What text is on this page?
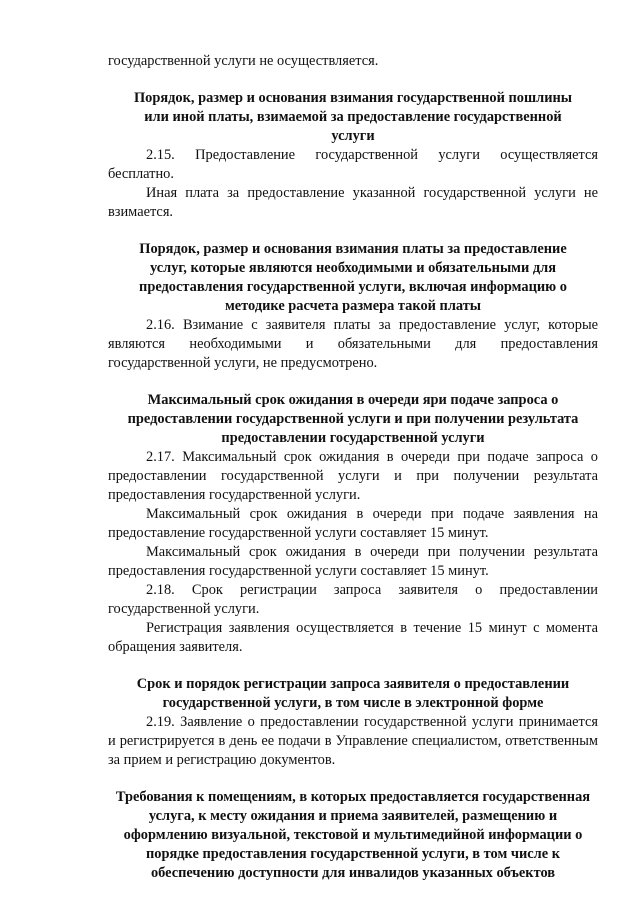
государственной услуги не осуществляется.

Порядок, размер и основания взимания государственной пошлины или иной платы, взимаемой за предоставление государственной услуги

2.15. Предоставление государственной услуги осуществляется бесплатно.

Иная плата за предоставление указанной государственной услуги не взимается.

Порядок, размер и основания взимания платы за предоставление услуг, которые являются необходимыми и обязательными для предоставления государственной услуги, включая информацию о методике расчета размера такой платы

2.16. Взимание с заявителя платы за предоставление услуг, которые являются необходимыми и обязательными для предоставления государственной услуги, не предусмотрено.

Максимальный срок ожидания в очереди яри подаче запроса о предоставлении государственной услуги и при получении результата предоставлении государственной услуги

2.17. Максимальный срок ожидания в очереди при подаче запроса о предоставлении государственной услуги и при получении результата предоставления государственной услуги.

Максимальный срок ожидания в очереди при подаче заявления на предоставление государственной услуги составляет 15 минут.

Максимальный срок ожидания в очереди при получении результата предоставления государственной услуги составляет 15 минут.

2.18. Срок регистрации запроса заявителя о предоставлении государственной услуги.

Регистрация заявления осуществляется в течение 15 минут с момента обращения заявителя.

Срок и порядок регистрации запроса заявителя о предоставлении государственной услуги, в том числе в электронной форме

2.19. Заявление о предоставлении государственной услуги принимается и регистрируется в день ее подачи в Управление специалистом, ответственным за прием и регистрацию документов.

Требования к помещениям, в которых предоставляется государственная услуга, к месту ожидания и приема заявителей, размещению и оформлению визуальной, текстовой и мультимедийной информации о порядке предоставления государственной услуги, в том числе к обеспечению доступности для инвалидов указанных объектов
